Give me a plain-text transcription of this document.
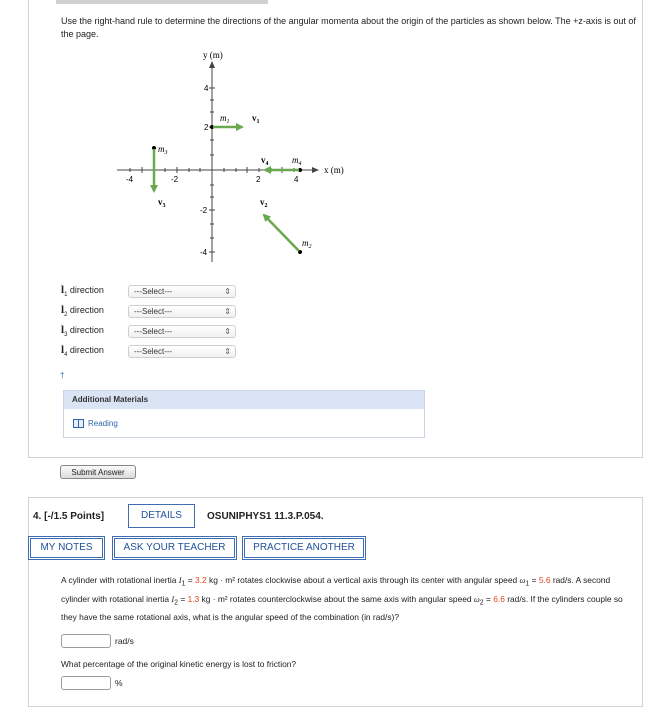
Use the right-hand rule to determine the directions of the angular momenta about the origin of the particles as shown below. The +z-axis is out of the page.
y (m)
x (m)
-4	-2	2	4
4
2
-2
-4
$m_1$	$v_1$
$m_3$
$v_3$
$m_4$
$v_4$
$m_2$
$v_2$
$l_1$ direction	---Select---	⇕
$l_2$ direction	---Select---	⇕
$l_3$ direction	---Select---	⇕
$l_4$ direction	---Select---	⇕
†
Additional Materials
Reading
Submit Answer
4. [-/1.5 Points]	DETAILS	OSUNIPHYS1 11.3.P.054.
MY NOTES	ASK YOUR TEACHER	PRACTICE ANOTHER
A cylinder with rotational inertia $I_1 = 3.2$ kg · m² rotates clockwise about a vertical axis through its center with angular speed $\omega_1 = 5.6$ rad/s. A second cylinder with rotational inertia $I_2 = 1.3$ kg · m² rotates counterclockwise about the same axis with angular speed $\omega_2 = 6.6$ rad/s. If the cylinders couple so they have the same rotational axis, what is the angular speed of the combination (in rad/s)?
rad/s
What percentage of the original kinetic energy is lost to friction?
%
